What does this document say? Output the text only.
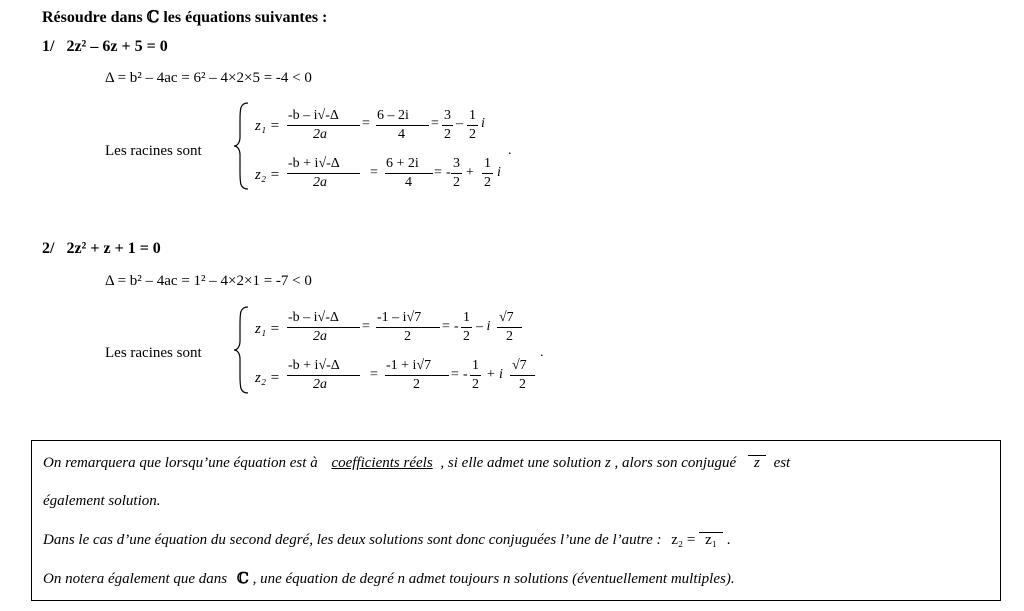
Résoudre dans ℂ les équations suivantes :
1/ 2z² – 6z + 5 = 0
Δ = b² – 4ac = 6² – 4×2×5 = -4 < 0
Les racines sont
z₁ =
-b – i√-Δ
2a
=
6 – 2i
4
=
3
2
–
1
2
i
z₂ =
-b + i√-Δ
2a
=
6 + 2i
4
= -
3
2
+
1
2
i
.
2/ 2z² + z + 1 = 0
Δ = b² – 4ac = 1² – 4×2×1 = -7 < 0
Les racines sont
z₁ =
-b – i√-Δ
2a
=
-1 – i√7
2
= -
1
2
– i
√7
2
z₂ =
-b + i√-Δ
2a
=
-1 + i√7
2
= -
1
2
+ i
√7
2
.
On remarquera que lorsqu’une équation est à coefficients réels , si elle admet une solution z , alors son conjugué z est
également solution.
Dans le cas d’une équation du second degré, les deux solutions sont donc conjuguées l’une de l’autre : z₂ = z₁ .
On notera également que dans ℂ , une équation de degré n admet toujours n solutions (éventuellement multiples).
